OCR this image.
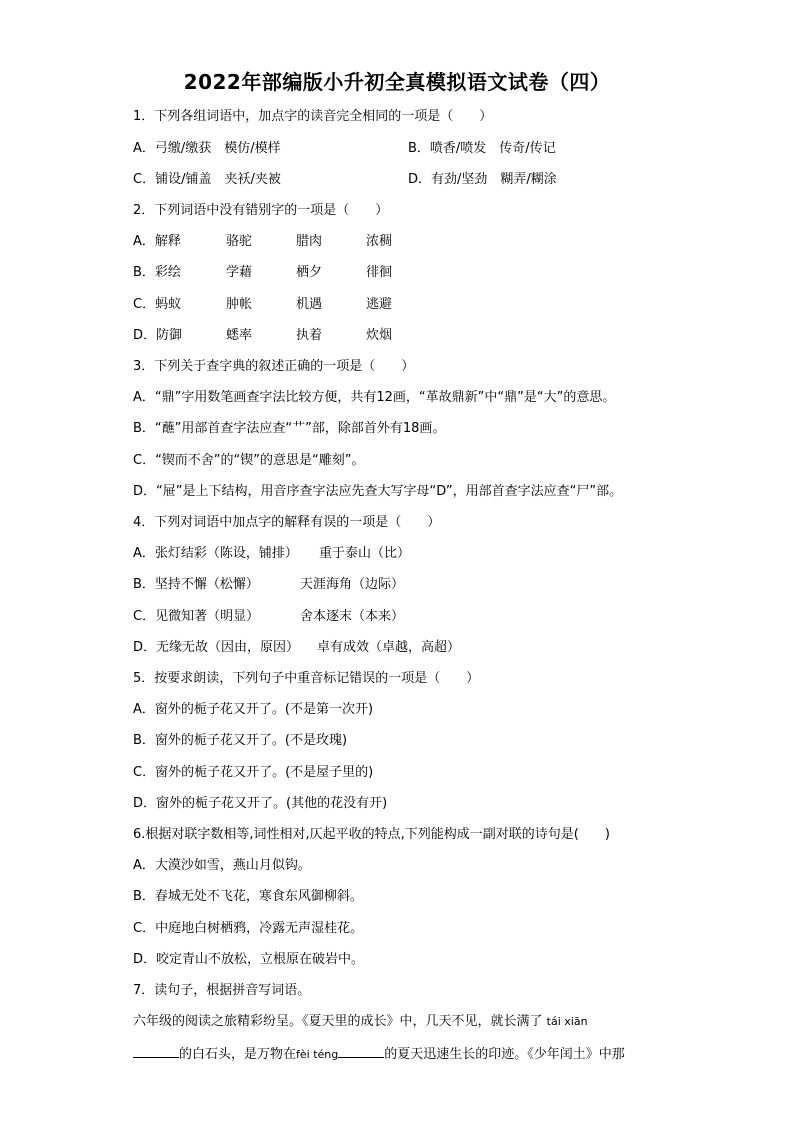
2022年部编版小升初全真模拟语文试卷（四）
1．下列各组词语中，加点字的读音完全相同的一项是（　　）
A．弓缴/缴获　模仿/模样	B．喷香/喷发　传奇/传记
C．铺设/铺盖　夹袄/夹被	D．有劲/坚劲　糊弄/糊涂
2．下列词语中没有错别字的一项是（　　）
A．解释	骆驼	腊肉	浓稠
B．彩绘	学藉	栖夕	徘徊
C．蚂蚁	肿帐	机遇	逃避
D．防御	蟋率	执着	炊烟
3．下列关于查字典的叙述正确的一项是（　　）
A．“鼎”字用数笔画查字法比较方便，共有12画，“革故鼎新”中“鼎”是“大”的意思。
B．“蘸”用部首查字法应查“艹”部，除部首外有18画。
C．“锲而不舍”的“锲”的意思是“雕刻”。
D．“屉”是上下结构，用音序查字法应先查大写字母“D”，用部首查字法应查“尸”部。
4．下列对词语中加点字的解释有误的一项是（　　）
A．张灯结彩（陈设，铺排） 重于泰山（比）
B．坚持不懈（松懈）	天涯海角（边际）
C．见微知著（明显）	舍本逐末（本来）
D．无缘无故（因由，原因） 卓有成效（卓越，高超）
5．按要求朗读，下列句子中重音标记错误的一项是（　　）
A．窗外的栀子花又开了。(不是第一次开)
B．窗外的栀子花又开了。(不是玫瑰)
C．窗外的栀子花又开了。(不是屋子里的)
D．窗外的栀子花又开了。(其他的花没有开)
6.根据对联字数相等,词性相对,仄起平收的特点,下列能构成一副对联的诗句是(　　)
A．大漠沙如雪，燕山月似钩。
B．春城无处不飞花，寒食东风御柳斜。
C．中庭地白树栖鸦，冷露无声湿桂花。
D．咬定青山不放松，立根原在破岩中。
7．读句子，根据拼音写词语。
六年级的阅读之旅精彩纷呈。《夏天里的成长》中，几天不见，就长满了 tái xiān
的白石头，是万物在fèi téng	的夏天迅速生长的印迹。《少年闰土》中那
